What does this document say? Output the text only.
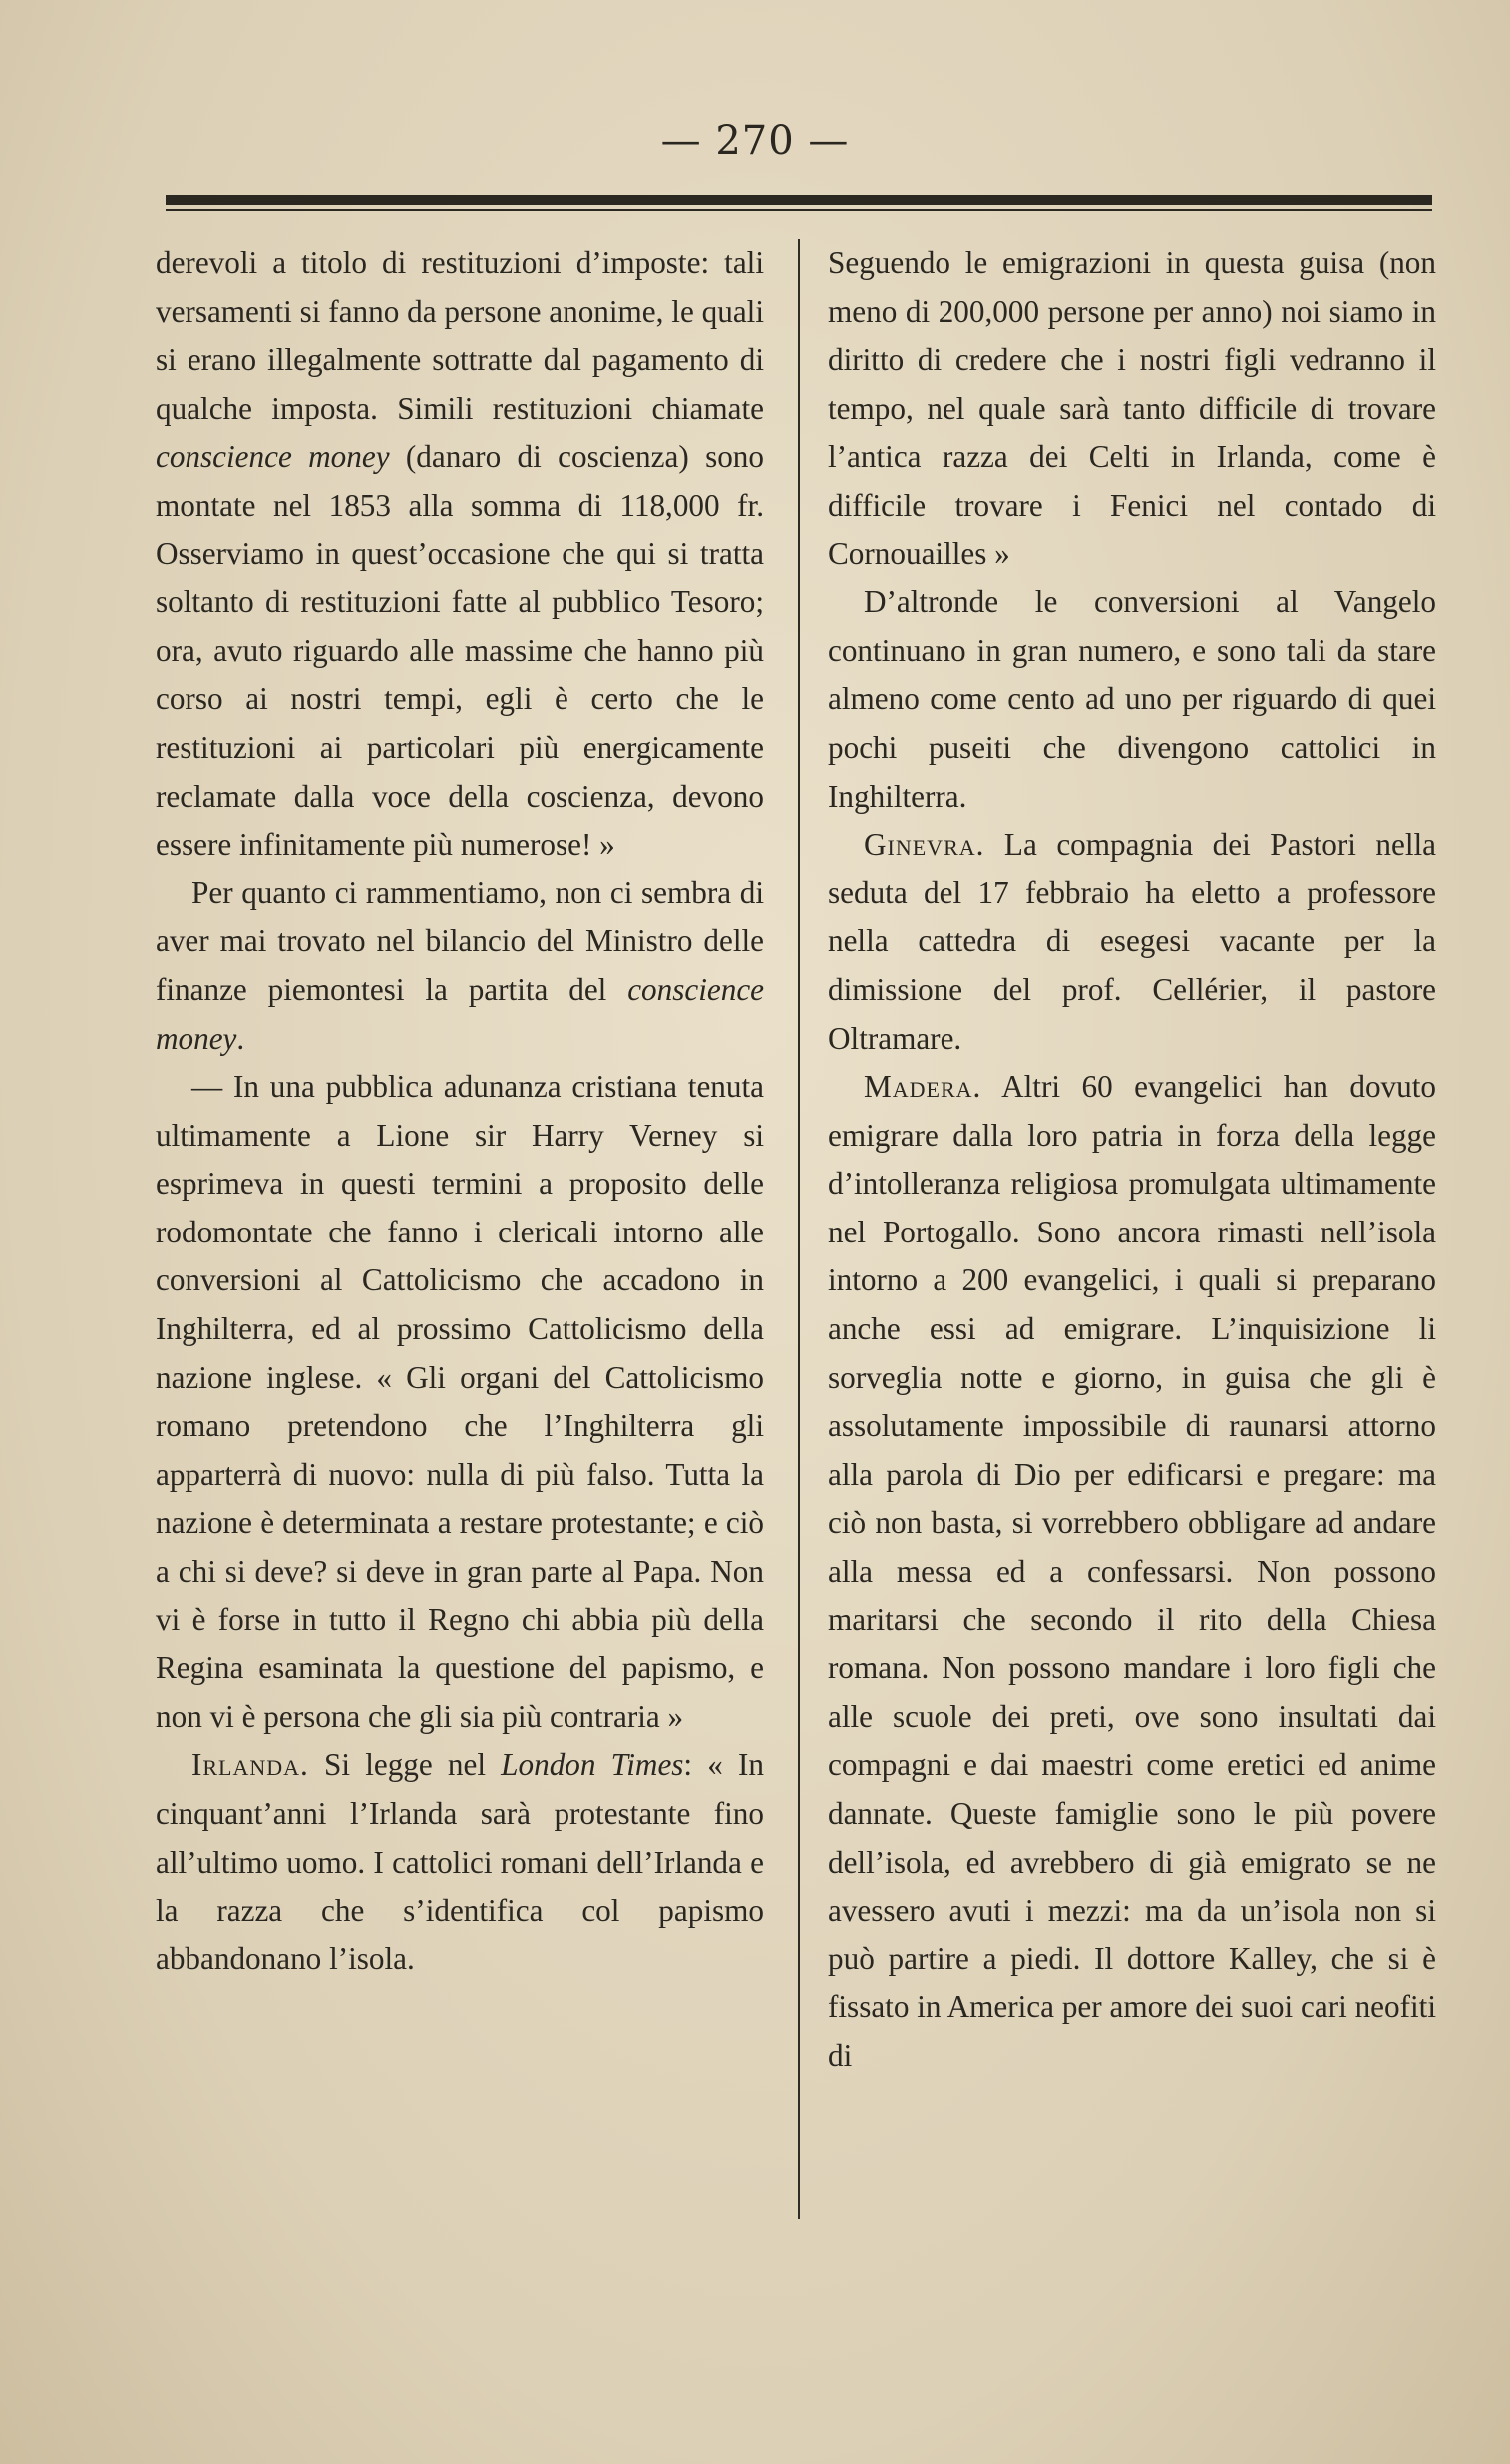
— 270 —

derevoli a titolo di restituzioni d’imposte: tali versamenti si fanno da persone anonime, le quali si erano illegalmente sottratte dal pagamento di qualche imposta. Simili restituzioni chiamate conscience money (danaro di coscienza) sono montate nel 1853 alla somma di 118,000 fr. Osserviamo in quest’occasione che qui si tratta soltanto di restituzioni fatte al pubblico Tesoro; ora, avuto riguardo alle massime che hanno più corso ai nostri tempi, egli è certo che le restituzioni ai particolari più energicamente reclamate dalla voce della coscienza, devono essere infinitamente più numerose! »

Per quanto ci rammentiamo, non ci sembra di aver mai trovato nel bilancio del Ministro delle finanze piemontesi la partita del conscience money.

— In una pubblica adunanza cristiana tenuta ultimamente a Lione sir Harry Verney si esprimeva in questi termini a proposito delle rodomontate che fanno i clericali intorno alle conversioni al Cattolicismo che accadono in Inghilterra, ed al prossimo Cattolicismo della nazione inglese. « Gli organi del Cattolicismo romano pretendono che l’Inghilterra gli apparterrà di nuovo: nulla di più falso. Tutta la nazione è determinata a restare protestante; e ciò a chi si deve? si deve in gran parte al Papa. Non vi è forse in tutto il Regno chi abbia più della Regina esaminata la questione del papismo, e non vi è persona che gli sia più contraria »

Irlanda. Si legge nel London Times: « In cinquant’anni l’Irlanda sarà protestante fino all’ultimo uomo. I cattolici romani dell’Irlanda e la razza che s’identifica col papismo abbandonano l’isola.

Seguendo le emigrazioni in questa guisa (non meno di 200,000 persone per anno) noi siamo in diritto di credere che i nostri figli vedranno il tempo, nel quale sarà tanto difficile di trovare l’antica razza dei Celti in Irlanda, come è difficile trovare i Fenici nel contado di Cornouailles »

D’altronde le conversioni al Vangelo continuano in gran numero, e sono tali da stare almeno come cento ad uno per riguardo di quei pochi puseiti che divengono cattolici in Inghilterra.

Ginevra. La compagnia dei Pastori nella seduta del 17 febbraio ha eletto a professore nella cattedra di esegesi vacante per la dimissione del prof. Cellérier, il pastore Oltramare.

Madera. Altri 60 evangelici han dovuto emigrare dalla loro patria in forza della legge d’intolleranza religiosa promulgata ultimamente nel Portogallo. Sono ancora rimasti nell’isola intorno a 200 evangelici, i quali si preparano anche essi ad emigrare. L’inquisizione li sorveglia notte e giorno, in guisa che gli è assolutamente impossibile di raunarsi attorno alla parola di Dio per edificarsi e pregare: ma ciò non basta, si vorrebbero obbligare ad andare alla messa ed a confessarsi. Non possono maritarsi che secondo il rito della Chiesa romana. Non possono mandare i loro figli che alle scuole dei preti, ove sono insultati dai compagni e dai maestri come eretici ed anime dannate. Queste famiglie sono le più povere dell’isola, ed avrebbero di già emigrato se ne avessero avuti i mezzi: ma da un’isola non si può partire a piedi. Il dottore Kalley, che si è fissato in America per amore dei suoi cari neofiti di
